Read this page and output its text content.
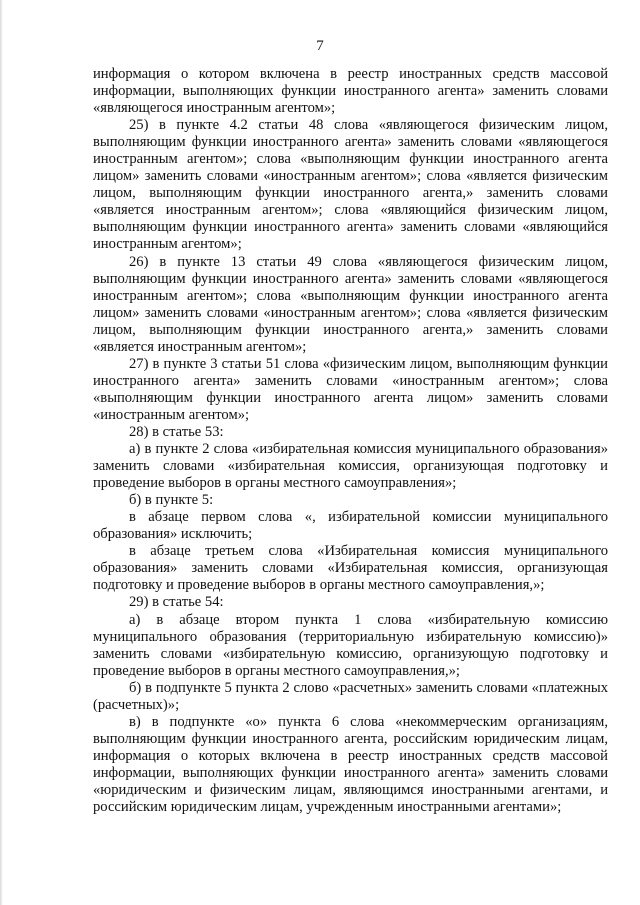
7

информация о котором включена в реестр иностранных средств массовой информации, выполняющих функции иностранного агента» заменить словами «являющегося иностранным агентом»;

25) в пункте 4.2 статьи 48 слова «являющегося физическим лицом, выполняющим функции иностранного агента» заменить словами «являющегося иностранным агентом»; слова «выполняющим функции иностранного агента лицом» заменить словами «иностранным агентом»; слова «является физическим лицом, выполняющим функции иностранного агента,» заменить словами «является иностранным агентом»; слова «являющийся физическим лицом, выполняющим функции иностранного агента» заменить словами «являющийся иностранным агентом»;

26) в пункте 13 статьи 49 слова «являющегося физическим лицом, выполняющим функции иностранного агента» заменить словами «являющегося иностранным агентом»; слова «выполняющим функции иностранного агента лицом» заменить словами «иностранным агентом»; слова «является физическим лицом, выполняющим функции иностранного агента,» заменить словами «является иностранным агентом»;

27) в пункте 3 статьи 51 слова «физическим лицом, выполняющим функции иностранного агента» заменить словами «иностранным агентом»; слова «выполняющим функции иностранного агента лицом» заменить словами «иностранным агентом»;

28) в статье 53:

а) в пункте 2 слова «избирательная комиссия муниципального образования» заменить словами «избирательная комиссия, организующая подготовку и проведение выборов в органы местного самоуправления»;

б) в пункте 5:

в абзаце первом слова «, избирательной комиссии муниципального образования» исключить;

в абзаце третьем слова «Избирательная комиссия муниципального образования» заменить словами «Избирательная комиссия, организующая подготовку и проведение выборов в органы местного самоуправления,»;

29) в статье 54:

а) в абзаце втором пункта 1 слова «избирательную комиссию муниципального образования (территориальную избирательную комиссию)» заменить словами «избирательную комиссию, организующую подготовку и проведение выборов в органы местного самоуправления,»;

б) в подпункте 5 пункта 2 слово «расчетных» заменить словами «платежных (расчетных)»;

в) в подпункте «о» пункта 6 слова «некоммерческим организациям, выполняющим функции иностранного агента, российским юридическим лицам, информация о которых включена в реестр иностранных средств массовой информации, выполняющих функции иностранного агента» заменить словами «юридическим и физическим лицам, являющимся иностранными агентами, и российским юридическим лицам, учрежденным иностранными агентами»;
